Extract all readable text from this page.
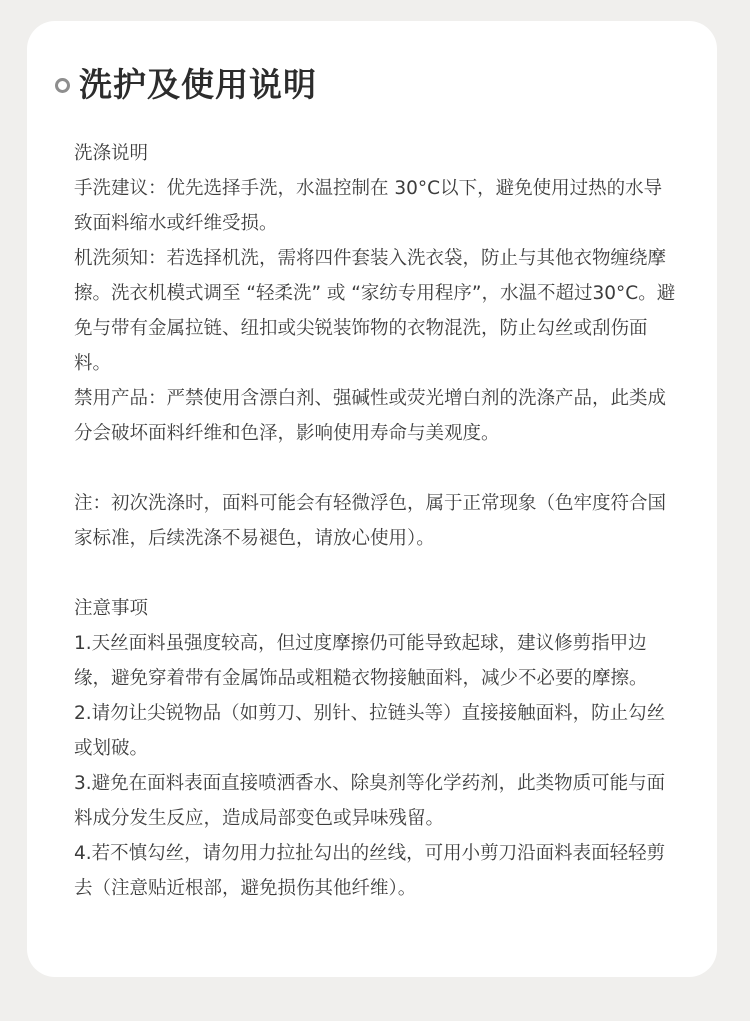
洗护及使用说明

洗涤说明

手洗建议：优先选择手洗，水温控制在 30°C以下，避免使用过热的水导致面料缩水或纤维受损。

机洗须知：若选择机洗，需将四件套装入洗衣袋，防止与其他衣物缠绕摩擦。洗衣机模式调至 “轻柔洗” 或 “家纺专用程序”，水温不超过30°C。避免与带有金属拉链、纽扣或尖锐装饰物的衣物混洗，防止勾丝或刮伤面料。

禁用产品：严禁使用含漂白剂、强碱性或荧光增白剂的洗涤产品，此类成分会破坏面料纤维和色泽，影响使用寿命与美观度。

注：初次洗涤时，面料可能会有轻微浮色，属于正常现象（色牢度符合国家标准，后续洗涤不易褪色，请放心使用）。

注意事项

1.天丝面料虽强度较高，但过度摩擦仍可能导致起球，建议修剪指甲边缘，避免穿着带有金属饰品或粗糙衣物接触面料，减少不必要的摩擦。

2.请勿让尖锐物品（如剪刀、别针、拉链头等）直接接触面料，防止勾丝或划破。

3.避免在面料表面直接喷洒香水、除臭剂等化学药剂，此类物质可能与面料成分发生反应，造成局部变色或异味残留。

4.若不慎勾丝，请勿用力拉扯勾出的丝线，可用小剪刀沿面料表面轻轻剪去（注意贴近根部，避免损伤其他纤维）。
